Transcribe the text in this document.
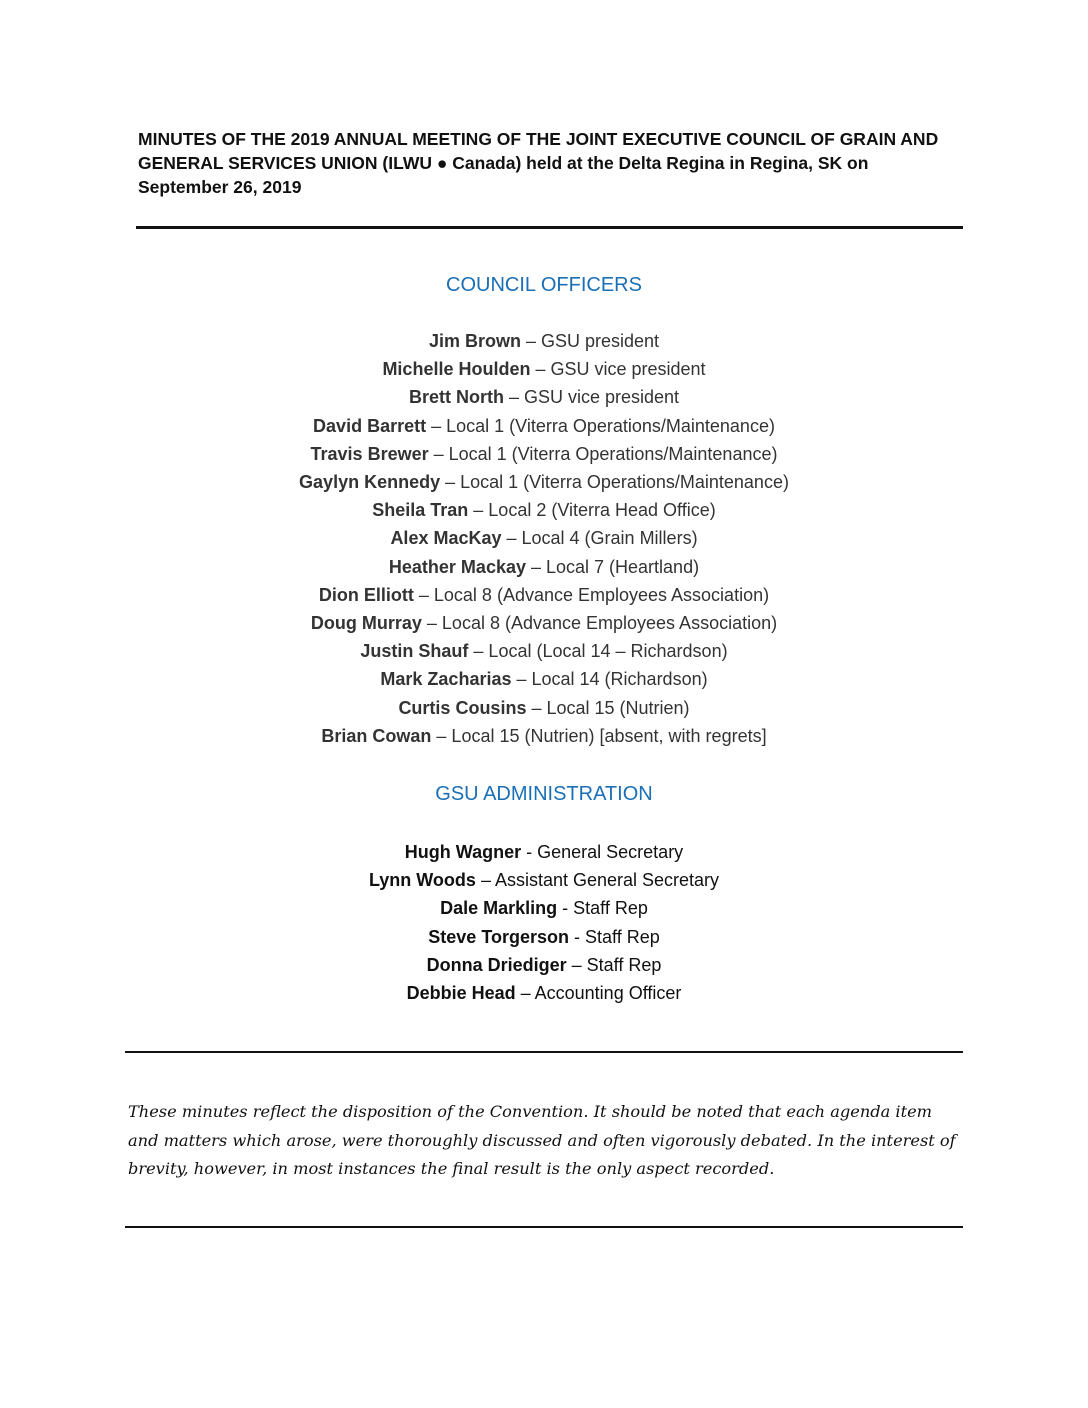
MINUTES OF THE 2019 ANNUAL MEETING OF THE JOINT EXECUTIVE COUNCIL OF GRAIN AND GENERAL SERVICES UNION (ILWU ● Canada) held at the Delta Regina in Regina, SK on September 26, 2019
COUNCIL OFFICERS
Jim Brown – GSU president
Michelle Houlden – GSU vice president
Brett North – GSU vice president
David Barrett – Local 1 (Viterra Operations/Maintenance)
Travis Brewer – Local 1 (Viterra Operations/Maintenance)
Gaylyn Kennedy – Local 1 (Viterra Operations/Maintenance)
Sheila Tran – Local 2 (Viterra Head Office)
Alex MacKay – Local 4 (Grain Millers)
Heather Mackay – Local 7 (Heartland)
Dion Elliott – Local 8 (Advance Employees Association)
Doug Murray – Local 8 (Advance Employees Association)
Justin Shauf – Local (Local 14 – Richardson)
Mark Zacharias – Local 14 (Richardson)
Curtis Cousins – Local 15 (Nutrien)
Brian Cowan – Local 15 (Nutrien) [absent, with regrets]
GSU ADMINISTRATION
Hugh Wagner - General Secretary
Lynn Woods – Assistant General Secretary
Dale Markling - Staff Rep
Steve Torgerson - Staff Rep
Donna Driediger – Staff Rep
Debbie Head – Accounting Officer

These minutes reflect the disposition of the Convention. It should be noted that each agenda item and matters which arose, were thoroughly discussed and often vigorously debated. In the interest of brevity, however, in most instances the final result is the only aspect recorded.
